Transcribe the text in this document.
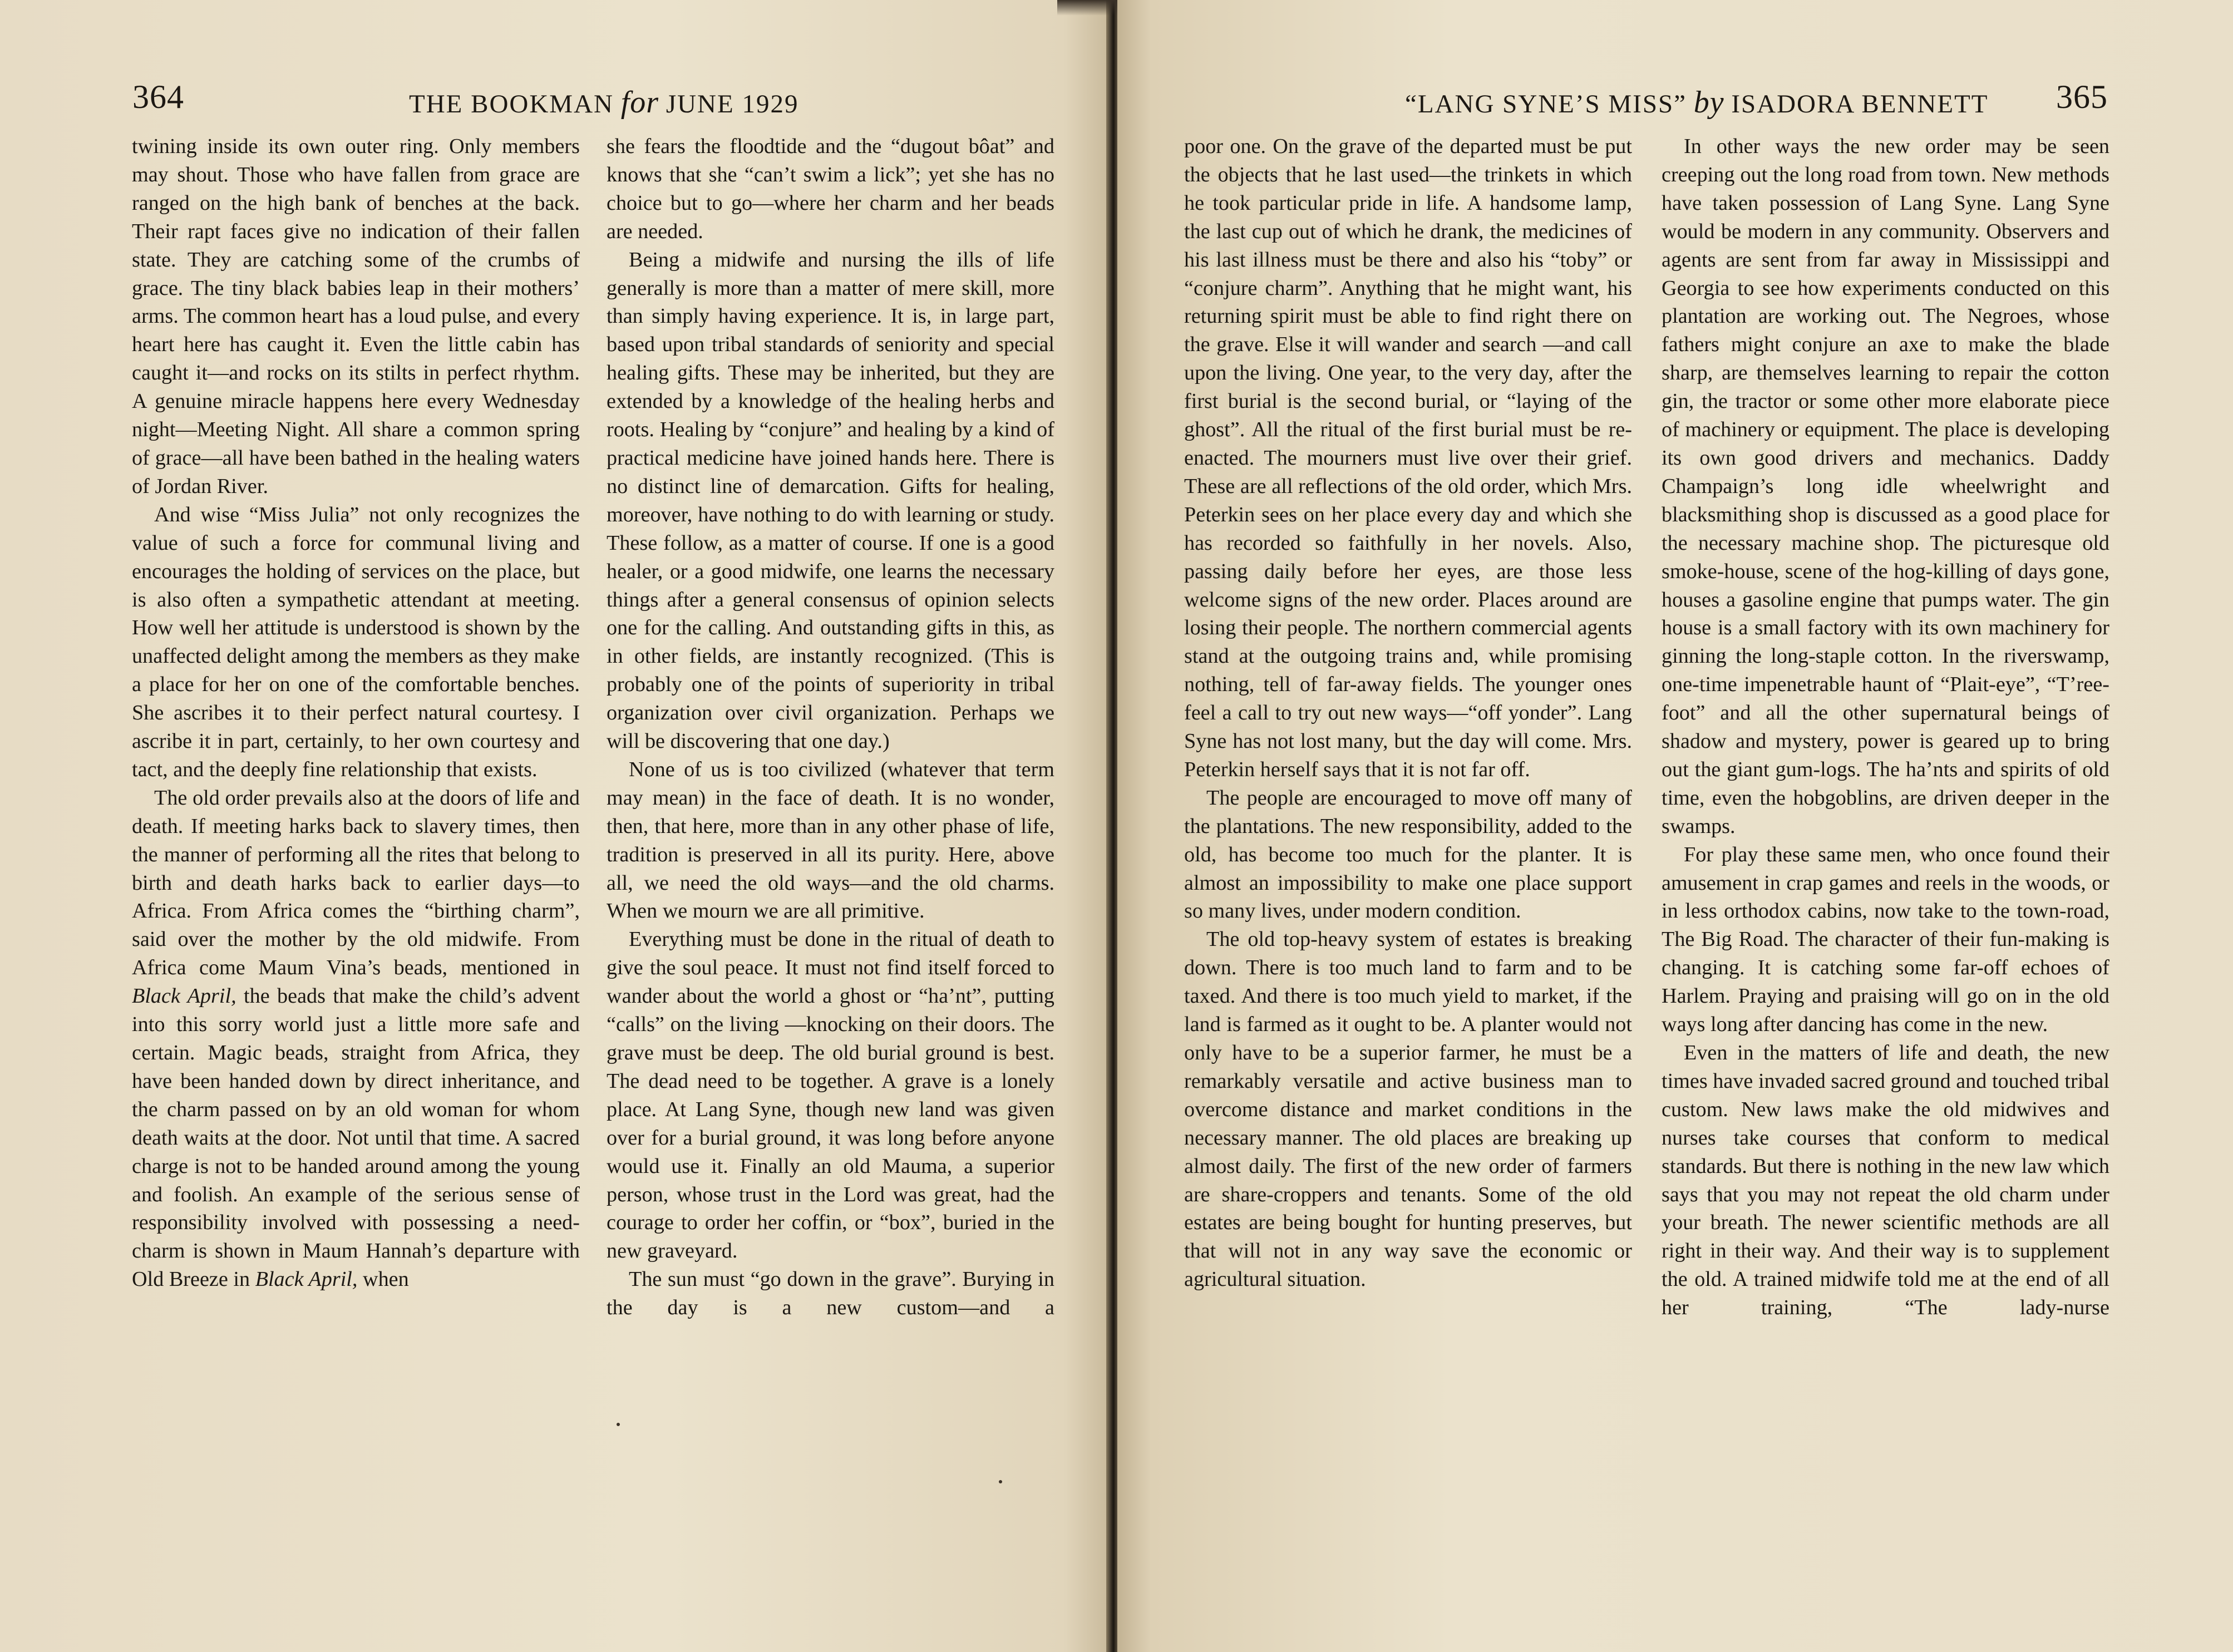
364	THE BOOKMAN for JUNE 1929

twining inside its own outer ring. Only members may shout. Those who have fallen from grace are ranged on the high bank of benches at the back. Their rapt faces give no indication of their fallen state. They are catching some of the crumbs of grace. The tiny black babies leap in their mothers’ arms. The common heart has a loud pulse, and every heart here has caught it. Even the little cabin has caught it—and rocks on its stilts in perfect rhythm. A genuine miracle happens here every Wednesday night—Meeting Night. All share a common spring of grace—all have been bathed in the healing waters of Jordan River.

And wise “Miss Julia” not only recognizes the value of such a force for communal living and encourages the holding of services on the place, but is also often a sympathetic attendant at meeting. How well her attitude is understood is shown by the unaffected delight among the members as they make a place for her on one of the comfortable benches. She ascribes it to their perfect natural courtesy. I ascribe it in part, certainly, to her own courtesy and tact, and the deeply fine relationship that exists.

The old order prevails also at the doors of life and death. If meeting harks back to slavery times, then the manner of performing all the rites that belong to birth and death harks back to earlier days—to Africa. From Africa comes the “birthing charm”, said over the mother by the old midwife. From Africa come Maum Vina’s beads, mentioned in Black April, the beads that make the child’s advent into this sorry world just a little more safe and certain. Magic beads, straight from Africa, they have been handed down by direct inheritance, and the charm passed on by an old woman for whom death waits at the door. Not until that time. A sacred charge is not to be handed around among the young and foolish. An example of the serious sense of responsibility involved with possessing a need-charm is shown in Maum Hannah’s departure with Old Breeze in Black April, when

she fears the floodtide and the “dugout bôat” and knows that she “can’t swim a lick”; yet she has no choice but to go—where her charm and her beads are needed.

Being a midwife and nursing the ills of life generally is more than a matter of mere skill, more than simply having experience. It is, in large part, based upon tribal standards of seniority and special healing gifts. These may be inherited, but they are extended by a knowledge of the healing herbs and roots. Healing by “conjure” and healing by a kind of practical medicine have joined hands here. There is no distinct line of demarcation. Gifts for healing, moreover, have nothing to do with learning or study. These follow, as a matter of course. If one is a good healer, or a good midwife, one learns the necessary things after a general consensus of opinion selects one for the calling. And outstanding gifts in this, as in other fields, are instantly recognized. (This is probably one of the points of superiority in tribal organization over civil organization. Perhaps we will be discovering that one day.)

None of us is too civilized (whatever that term may mean) in the face of death. It is no wonder, then, that here, more than in any other phase of life, tradition is preserved in all its purity. Here, above all, we need the old ways—and the old charms. When we mourn we are all primitive.

Everything must be done in the ritual of death to give the soul peace. It must not find itself forced to wander about the world a ghost or “ha’nt”, putting “calls” on the living —knocking on their doors. The grave must be deep. The old burial ground is best. The dead need to be together. A grave is a lonely place. At Lang Syne, though new land was given over for a burial ground, it was long before anyone would use it. Finally an old Mauma, a superior person, whose trust in the Lord was great, had the courage to order her coffin, or “box”, buried in the new graveyard.

The sun must “go down in the grave”. Burying in the day is a new custom—and a

“LANG SYNE’S MISS” by ISADORA BENNETT 365

poor one. On the grave of the departed must be put the objects that he last used—the trinkets in which he took particular pride in life. A handsome lamp, the last cup out of which he drank, the medicines of his last illness must be there and also his “toby” or “conjure charm”. Anything that he might want, his returning spirit must be able to find right there on the grave. Else it will wander and search —and call upon the living. One year, to the very day, after the first burial is the second burial, or “laying of the ghost”. All the ritual of the first burial must be re-enacted. The mourners must live over their grief. These are all reflections of the old order, which Mrs. Peterkin sees on her place every day and which she has recorded so faithfully in her novels. Also, passing daily before her eyes, are those less welcome signs of the new order. Places around are losing their people. The northern commercial agents stand at the outgoing trains and, while promising nothing, tell of far-away fields. The younger ones feel a call to try out new ways—“off yonder”. Lang Syne has not lost many, but the day will come. Mrs. Peterkin herself says that it is not far off.

The people are encouraged to move off many of the plantations. The new responsibility, added to the old, has become too much for the planter. It is almost an impossibility to make one place support so many lives, under modern condition.

The old top-heavy system of estates is breaking down. There is too much land to farm and to be taxed. And there is too much yield to market, if the land is farmed as it ought to be. A planter would not only have to be a superior farmer, he must be a remarkably versatile and active business man to overcome distance and market conditions in the necessary manner. The old places are breaking up almost daily. The first of the new order of farmers are share-croppers and tenants. Some of the old estates are being bought for hunting preserves, but that will not in any way save the economic or agricultural situation.

In other ways the new order may be seen creeping out the long road from town. New methods have taken possession of Lang Syne. Lang Syne would be modern in any community. Observers and agents are sent from far away in Mississippi and Georgia to see how experiments conducted on this plantation are working out. The Negroes, whose fathers might conjure an axe to make the blade sharp, are themselves learning to repair the cotton gin, the tractor or some other more elaborate piece of machinery or equipment. The place is developing its own good drivers and mechanics. Daddy Champaign’s long idle wheelwright and blacksmithing shop is discussed as a good place for the necessary machine shop. The picturesque old smoke-house, scene of the hog-killing of days gone, houses a gasoline engine that pumps water. The gin house is a small factory with its own machinery for ginning the long-staple cotton. In the riverswamp, one-time impenetrable haunt of “Plait-eye”, “T’ree-foot” and all the other supernatural beings of shadow and mystery, power is geared up to bring out the giant gum-logs. The ha’nts and spirits of old time, even the hobgoblins, are driven deeper in the swamps.

For play these same men, who once found their amusement in crap games and reels in the woods, or in less orthodox cabins, now take to the town-road, The Big Road. The character of their fun-making is changing. It is catching some far-off echoes of Harlem. Praying and praising will go on in the old ways long after dancing has come in the new.

Even in the matters of life and death, the new times have invaded sacred ground and touched tribal custom. New laws make the old midwives and nurses take courses that conform to medical standards. But there is nothing in the new law which says that you may not repeat the old charm under your breath. The newer scientific methods are all right in their way. And their way is to supplement the old. A trained midwife told me at the end of all her training, “The lady-nurse
